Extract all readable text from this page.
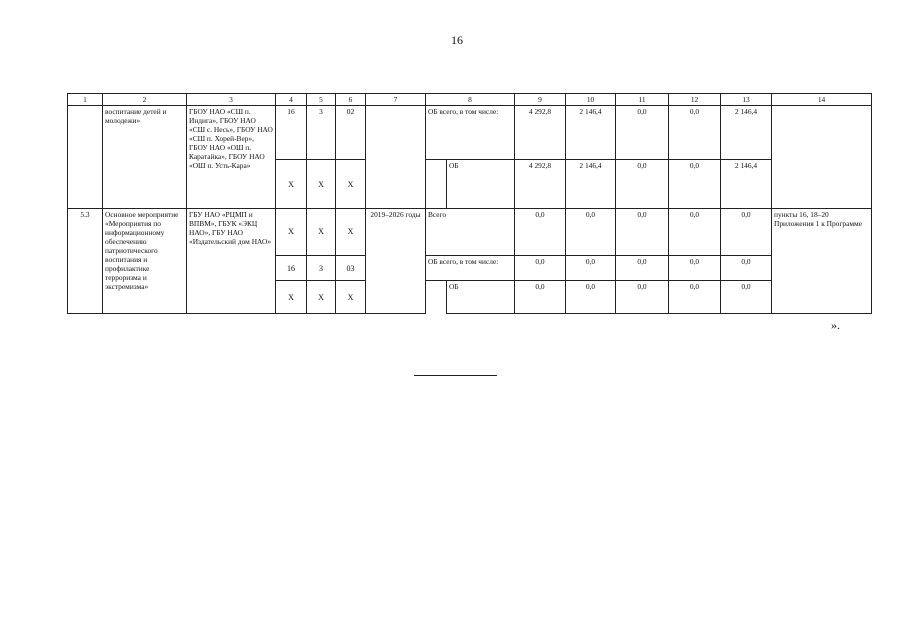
16
1	2	3	4	5	6	7	8		9	10	11	12	13	14
	воспитание детей и молодежи»	ГБОУ НАО «СШ п. Индига», ГБОУ НАО «СШ с. Несь», ГБОУ НАО «СШ п. Хорей-Вер», ГБОУ НАО «ОШ п. Каратайка», ГБОУ НАО «ОШ п. Усть-Кара»	16	3	02		ОБ всего, в том числе:		4 292,8	2 146,4	0,0	0,0	2 146,4	
			X	X	X			ОБ	4 292,8	2 146,4	0,0	0,0	2 146,4	
5.3	Основное мероприятие «Мероприятия по информационному обеспечению патриотического воспитания и профилактике терроризма и экстремизма»	ГБУ НАО «РЦМП и ВПВМ», ГБУК «ЭКЦ НАО», ГБУ НАО «Издательский дом НАО»	X	X	X	2019–2026 годы	Всего		0,0	0,0	0,0	0,0	0,0	пункты 16, 18–20 Приложения 1 к Программе
			16	3	03		ОБ всего, в том числе:		0,0	0,0	0,0	0,0	0,0	
			X	X	X			ОБ	0,0	0,0	0,0	0,0	0,0	
».
